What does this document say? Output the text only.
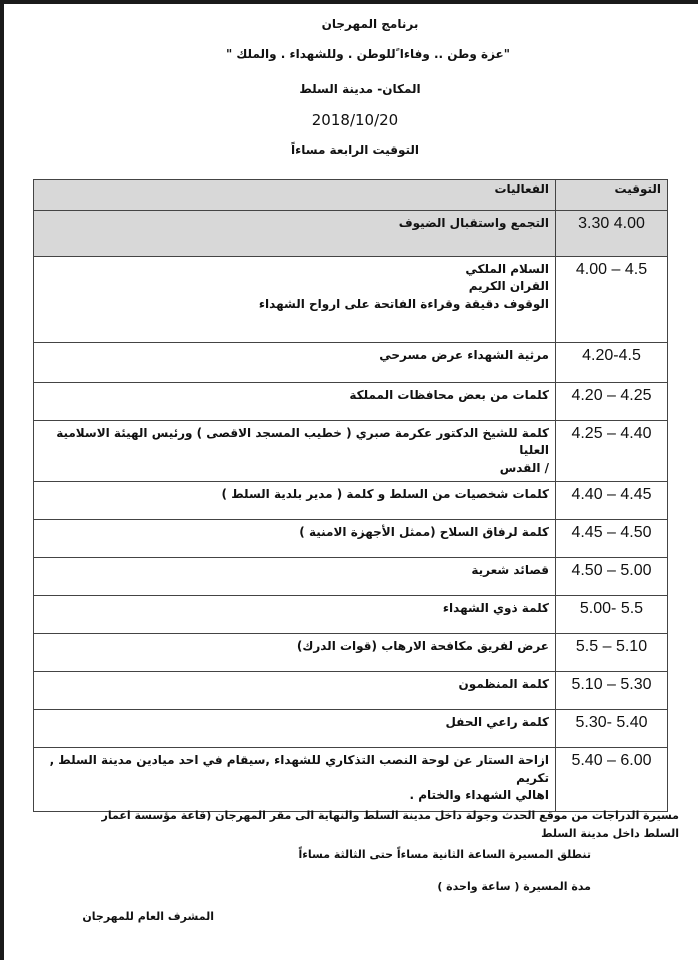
برنامج المهرجان
"عزة وطن .. وفاءا ًللوطن . وللشهداء . والملك "
المكان- مدينة السلط
2018/10/20
التوقيت الرابعة مساءاً
التوقيت	الفعاليات
4.00 3.30	التجمع واستقبال الضيوف

4.5 – 4.00	السلام الملكي
القران الكريم
الوقوف دقيقة وقراءة الفاتحة على ارواح الشهداء

4.20-4.5	مرثية الشهداء عرض مسرحي

4.25 – 4.20	كلمات من بعض محافظات المملكة

4.40 – 4.25	كلمة للشيخ الدكتور عكرمة صبري ( خطيب المسجد الاقصى ) ورئيس الهيئة الاسلامية العليا
/ القدس

4.45 – 4.40	كلمات شخصيات من السلط و كلمة ( مدير بلدية السلط )

4.50 – 4.45	كلمة لرفاق السلاح (ممثل الأجهزة الامنية )

5.00 – 4.50	قصائد شعرية

5.5 -5.00	كلمة ذوي الشهداء

5.10 – 5.5	عرض لفريق مكافحة الارهاب (قوات الدرك)

5.30 – 5.10	كلمة المنظمون

5.40 -5.30	كلمة راعي الحفل

6.00 – 5.40	ازاحة الستار عن لوحة النصب التذكاري للشهداء ,سيقام في احد ميادين مدينة السلط , تكريم
اهالي الشهداء والختام .
مسيرة الدراجات من موقع الحدث وجولة داخل مدينة السلط والنهاية الى مقر المهرجان (قاعة مؤسسة اعمار السلط داخل مدينة السلط
تنطلق المسيرة الساعة الثانية مساءاً حتى الثالثة مساءاً
مدة المسيرة ( ساعة واحدة )
المشرف العام للمهرجان
